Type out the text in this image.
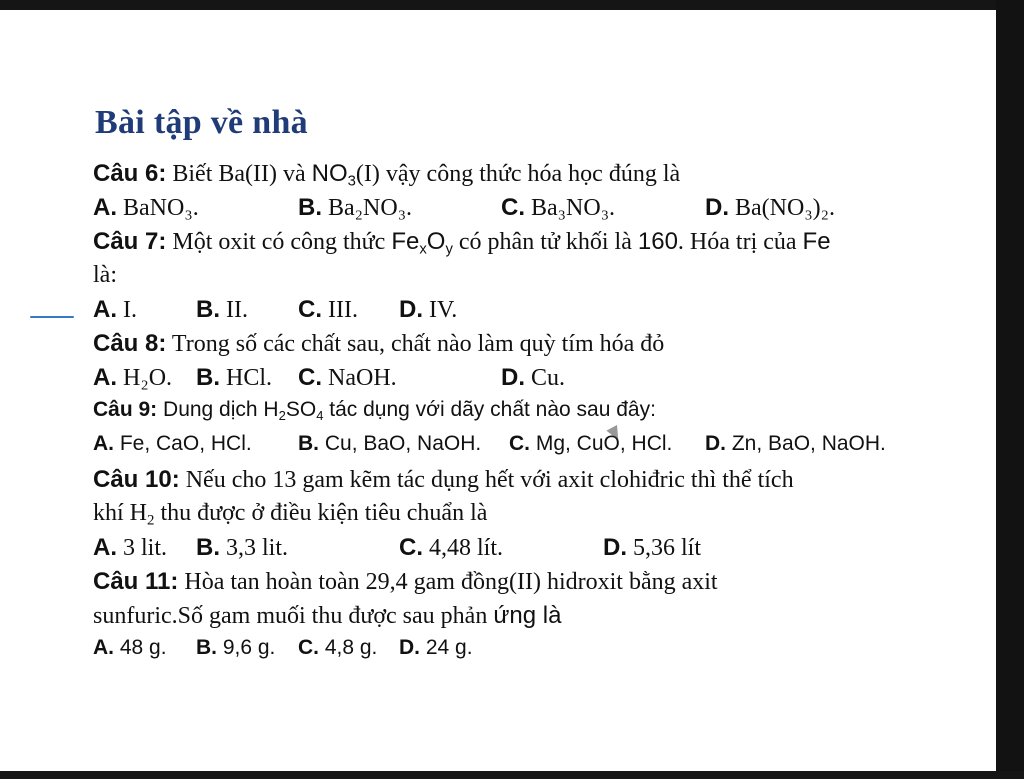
Bài tập về nhà
Câu 6: Biết Ba(II) và $NO_3(I)$ vậy công thức hóa học đúng là
A. BaNO₃.	B. Ba₂NO₃.	C. Ba₃NO₃.	D. Ba(NO₃)₂.
Câu 7: Một oxit có công thức $Fe_xO_y$ có phân tử khối là 160. Hóa trị của Fe
là:
A. I. B. II. C. III. D. IV.
Câu 8: Trong số các chất sau, chất nào làm quỳ tím hóa đỏ
A. H₂O. B. HCl. C. NaOH.	D. Cu.
Câu 9: Dung dịch $H_2SO_4$ tác dụng với dãy chất nào sau đây:
A. Fe, CaO, HCl. B. Cu, BaO, NaOH. C. Mg, CuO, HCl. D. Zn, BaO, NaOH.
Câu 10: Nếu cho 13 gam kẽm tác dụng hết với axit clohiđric thì thể tích
khí $H_2$ thu được ở điều kiện tiêu chuẩn là
A. 3 lit. B. 3,3 lit.	C. 4,48 lít.	D. 5,36 lít
Câu 11: Hòa tan hoàn toàn 29,4 gam đồng(II) hidroxit bằng axit
sunfuric.Số gam muối thu được sau phản ứng là
A. 48 g. B. 9,6 g. C. 4,8 g. D. 24 g.
